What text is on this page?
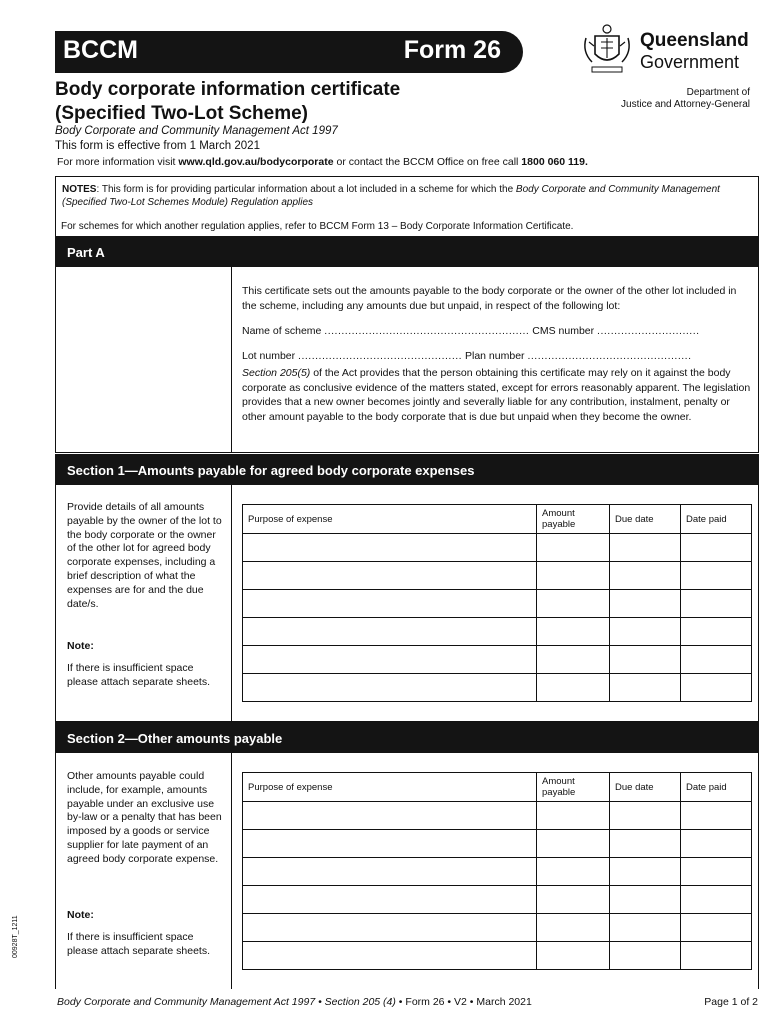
BCCM	Form 26	Queensland
Government
Body corporate information certificate
(Specified Two-Lot Scheme)
Department of
Justice and Attorney-General
Body Corporate and Community Management Act 1997
This form is effective from 1 March 2021
For more information visit www.qld.gov.au/bodycorporate or contact the BCCM Office on free call 1800 060 119.
NOTES: This form is for providing particular information about a lot included in a scheme for which the Body Corporate and Community Management (Specified Two-Lot Schemes Module) Regulation applies
For schemes for which another regulation applies, refer to BCCM Form 13 – Body Corporate Information Certificate.
Part A
This certificate sets out the amounts payable to the body corporate or the owner of the other lot included in the scheme, including any amounts due but unpaid, in respect of the following lot:
Name of scheme ............................................................ CMS number ..............................
Lot number ................................................ Plan number ................................................
Section 205(5) of the Act provides that the person obtaining this certificate may rely on it against the body corporate as conclusive evidence of the matters stated, except for errors reasonably apparent. The legislation provides that a new owner becomes jointly and severally liable for any contribution, instalment, penalty or other amount payable to the body corporate that is due but unpaid when they become the owner.
Section 1—Amounts payable for agreed body corporate expenses
Provide details of all amounts payable by the owner of the lot to the body corporate or the owner of the other lot for agreed body corporate expenses, including a brief description of what the expenses are for and the due date/s.
Note:
If there is insufficient space please attach separate sheets.
Purpose of expense	Amount payable	Due date	Date paid

Section 2—Other amounts payable
Other amounts payable could include, for example, amounts payable under an exclusive use by-law or a penalty that has been imposed by a goods or service supplier for late payment of an agreed body corporate expense.
Note:
If there is insufficient space please attach separate sheets.
Purpose of expense	Amount payable	Due date	Date paid

00928T_1211
Body Corporate and Community Management Act 1997 • Section 205 (4) • Form 26 • V2 • March 2021	Page 1 of 2
